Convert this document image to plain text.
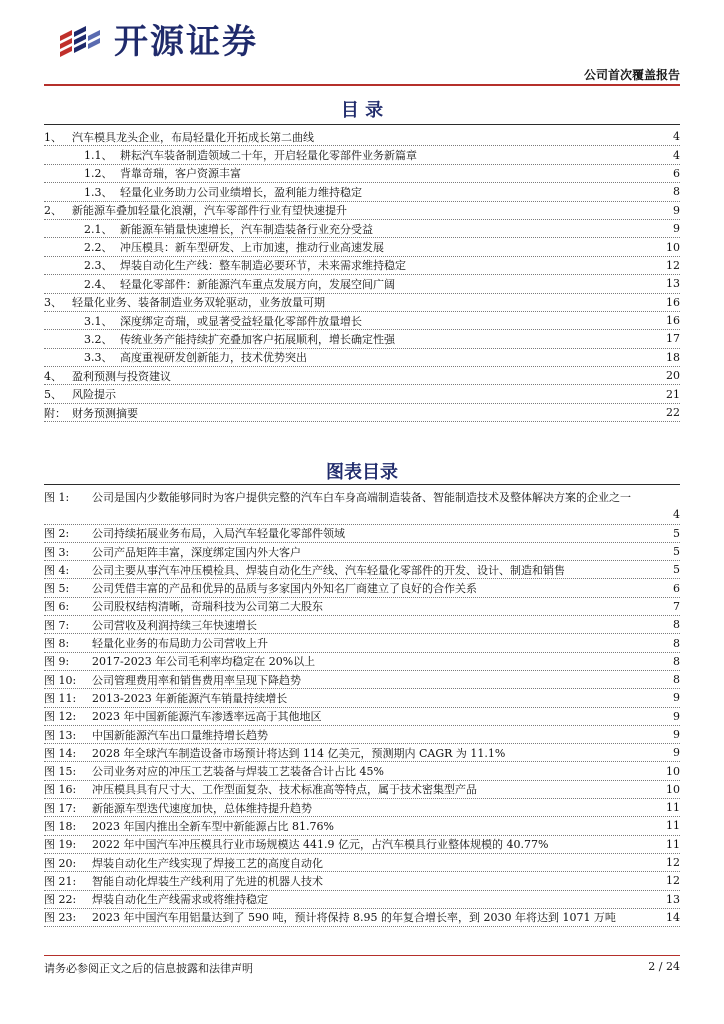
开源证券
公司首次覆盖报告
目 录
1、 汽车模具龙头企业，布局轻量化开拓成长第二曲线	4
1.1、 耕耘汽车装备制造领域二十年，开启轻量化零部件业务新篇章	4
1.2、 背靠奇瑞，客户资源丰富	6
1.3、 轻量化业务助力公司业绩增长，盈利能力维持稳定	8
2、 新能源车叠加轻量化浪潮，汽车零部件行业有望快速提升	9
2.1、 新能源车销量快速增长，汽车制造装备行业充分受益	9
2.2、 冲压模具：新车型研发、上市加速，推动行业高速发展	10
2.3、 焊装自动化生产线：整车制造必要环节，未来需求维持稳定	12
2.4、 轻量化零部件：新能源汽车重点发展方向，发展空间广阔	13
3、 轻量化业务、装备制造业务双轮驱动，业务放量可期	16
3.1、 深度绑定奇瑞，或显著受益轻量化零部件放量增长	16
3.2、 传统业务产能持续扩充叠加客户拓展顺利，增长确定性强	17
3.3、 高度重视研发创新能力，技术优势突出	18
4、 盈利预测与投资建议	20
5、 风险提示	21
附： 财务预测摘要	22
图表目录
图 1:	公司是国内少数能够同时为客户提供完整的汽车白车身高端制造装备、智能制造技术及整体解决方案的企业之一
4
图 2:	公司持续拓展业务布局，入局汽车轻量化零部件领域	5
图 3:	公司产品矩阵丰富，深度绑定国内外大客户	5
图 4:	公司主要从事汽车冲压模检具、焊装自动化生产线、汽车轻量化零部件的开发、设计、制造和销售	5
图 5:	公司凭借丰富的产品和优异的品质与多家国内外知名厂商建立了良好的合作关系	6
图 6:	公司股权结构清晰，奇瑞科技为公司第二大股东	7
图 7:	公司营收及利润持续三年快速增长	8
图 8:	轻量化业务的布局助力公司营收上升	8
图 9:	2017-2023 年公司毛利率均稳定在 20%以上	8
图 10:	公司管理费用率和销售费用率呈现下降趋势	8
图 11:	2013-2023 年新能源汽车销量持续增长	9
图 12:	2023 年中国新能源汽车渗透率远高于其他地区	9
图 13:	中国新能源汽车出口量维持增长趋势	9
图 14:	2028 年全球汽车制造设备市场预计将达到 114 亿美元，预测期内 CAGR 为 11.1%	9
图 15:	公司业务对应的冲压工艺装备与焊装工艺装备合计占比 45%	10
图 16:	冲压模具具有尺寸大、工作型面复杂、技术标准高等特点，属于技术密集型产品	10
图 17:	新能源车型迭代速度加快，总体维持提升趋势	11
图 18:	2023 年国内推出全新车型中新能源占比 81.76%	11
图 19:	2022 年中国汽车冲压模具行业市场规模达 441.9 亿元，占汽车模具行业整体规模的 40.77%	11
图 20:	焊装自动化生产线实现了焊接工艺的高度自动化	12
图 21:	智能自动化焊装生产线利用了先进的机器人技术	12
图 22:	焊装自动化生产线需求或将维持稳定	13
图 23:	2023 年中国汽车用铝量达到了 590 吨，预计将保持 8.95 的年复合增长率，到 2030 年将达到 1071 万吨	14
请务必参阅正文之后的信息披露和法律声明	2 / 24
